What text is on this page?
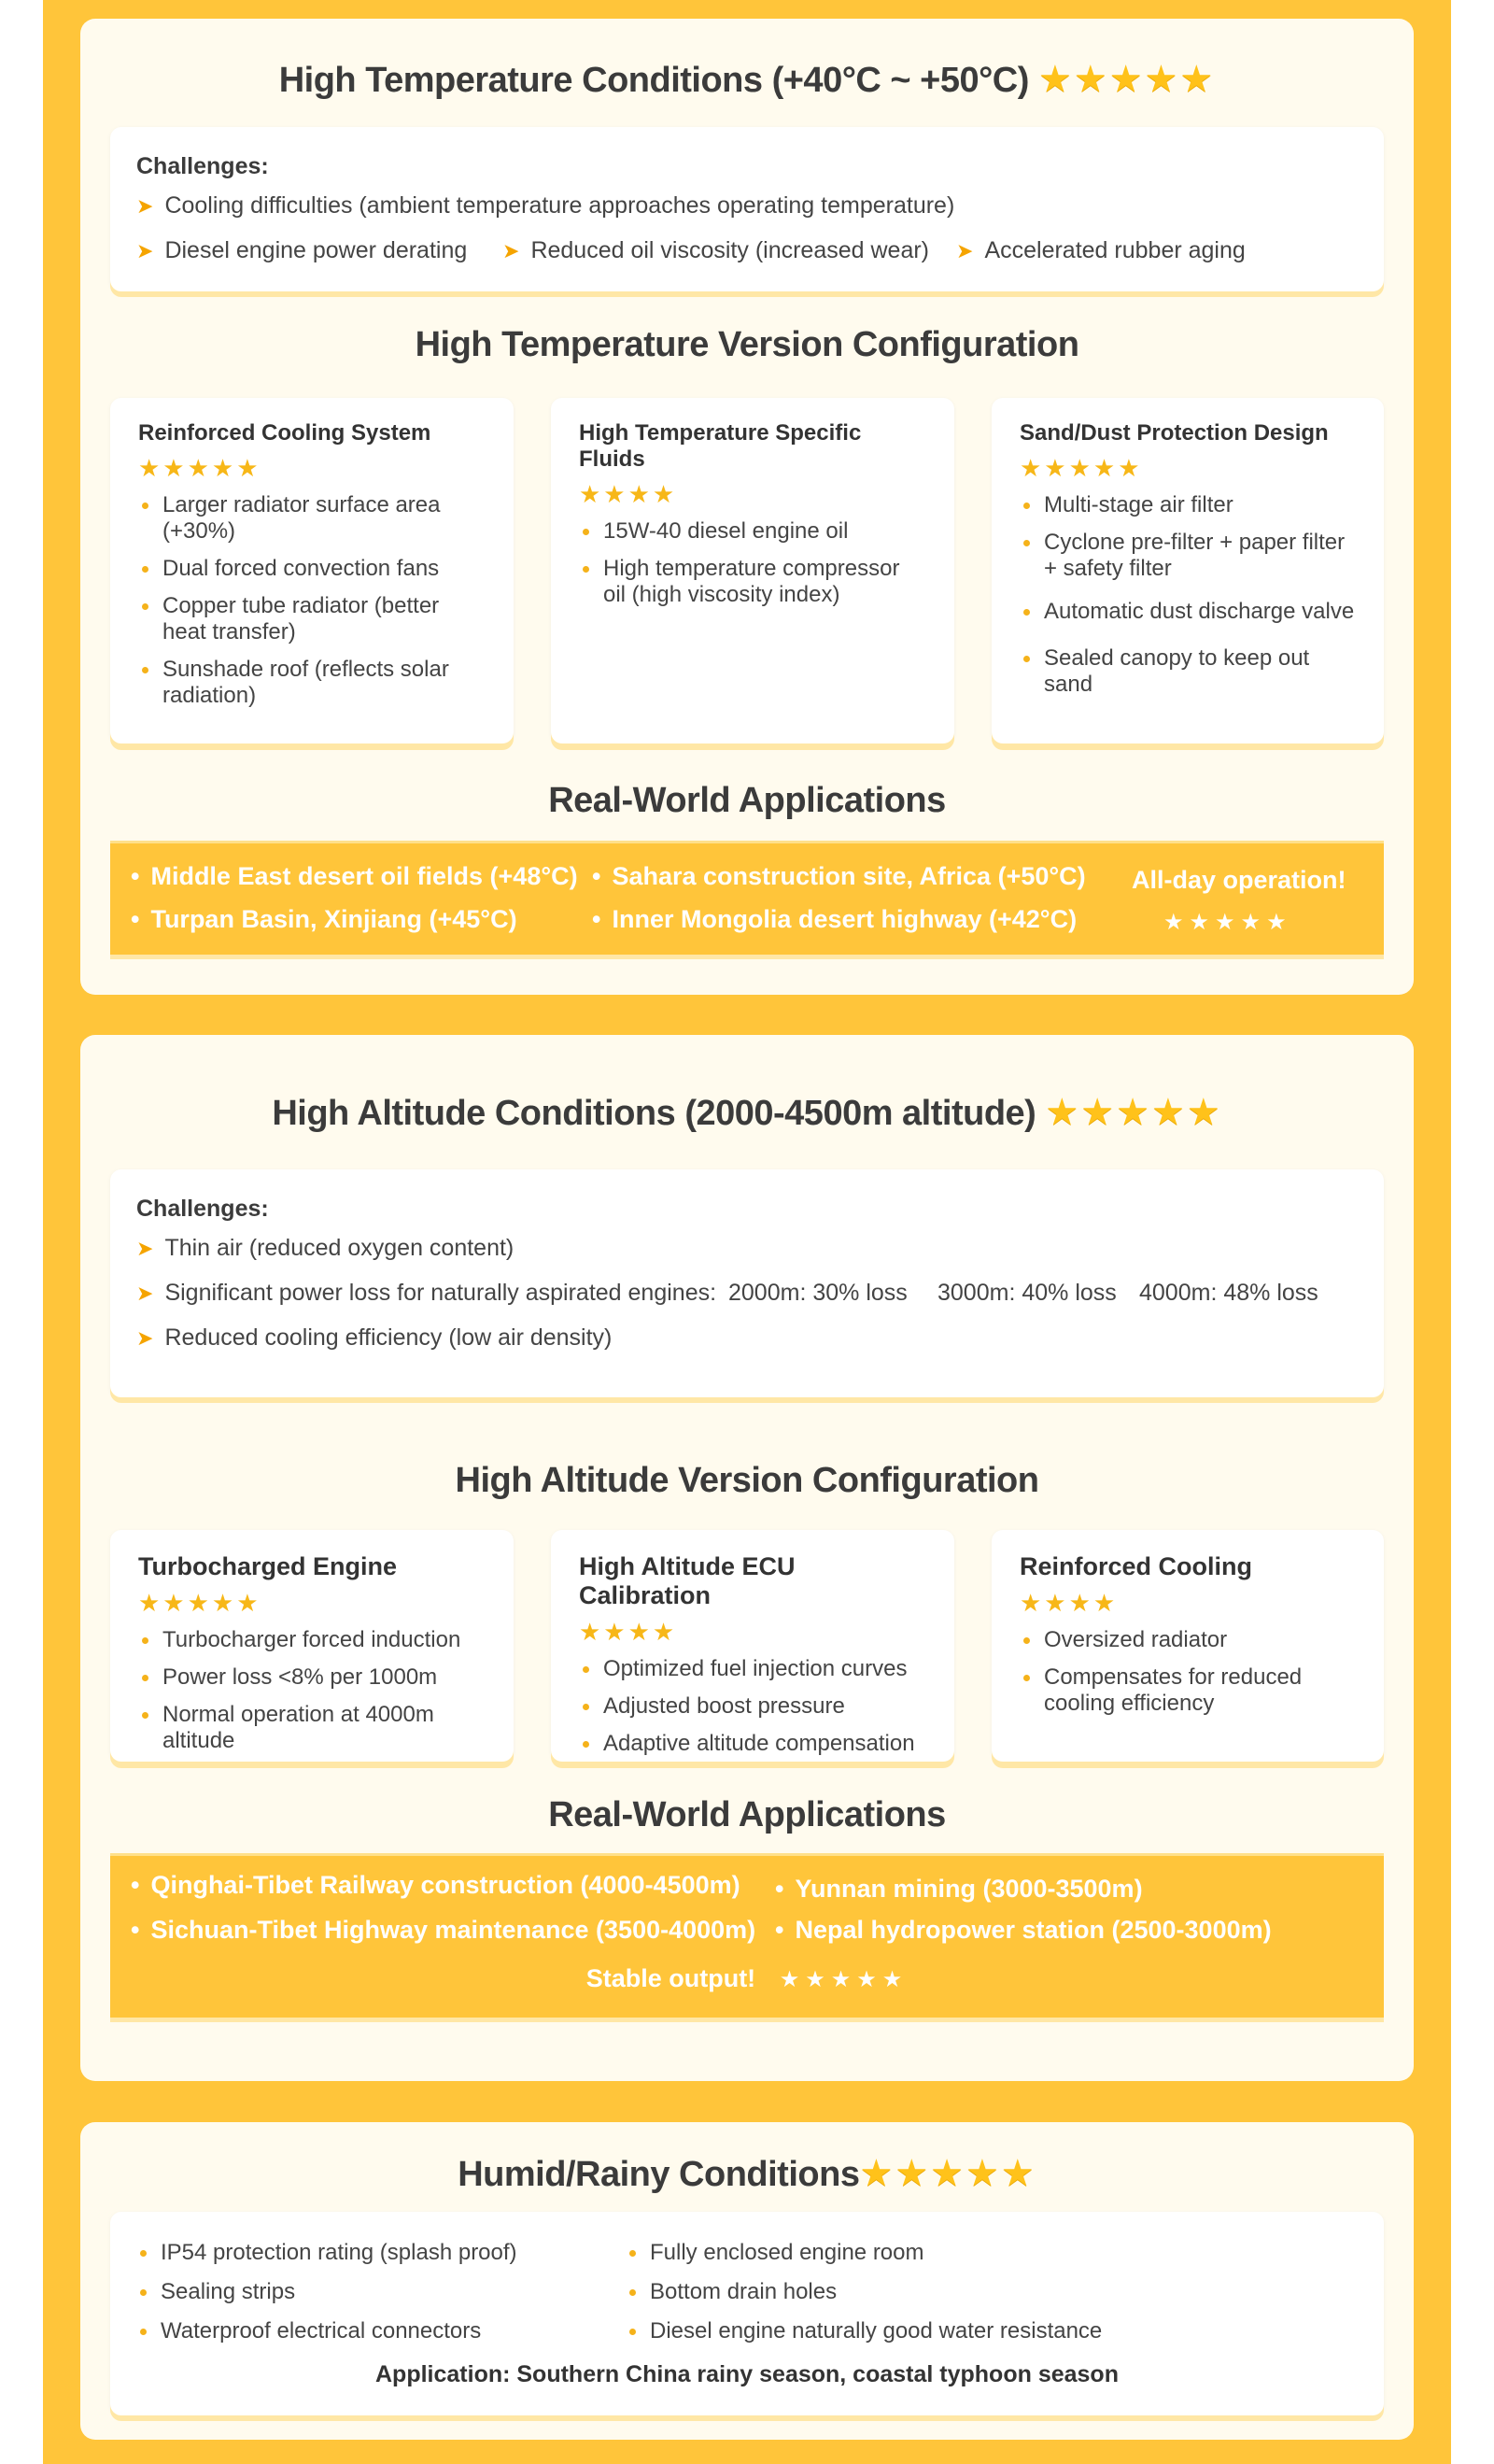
High Temperature Conditions (+40°C ~ +50°C) ★★★★★
Challenges:
➤ Cooling difficulties (ambient temperature approaches operating temperature)
➤ Diesel engine power derating ➤ Reduced oil viscosity (increased wear) ➤ Accelerated rubber aging
High Temperature Version Configuration
Reinforced Cooling System
★★★★★
Larger radiator surface area (+30%)
Dual forced convection fans
Copper tube radiator (better heat transfer)
Sunshade roof (reflects solar radiation)
High Temperature Specific Fluids
★★★★
15W-40 diesel engine oil
High temperature compressor oil (high viscosity index)
Sand/Dust Protection Design
★★★★★
Multi-stage air filter
Cyclone pre-filter + paper filter + safety filter
Automatic dust discharge valve
Sealed canopy to keep out sand
Real-World Applications
• Middle East desert oil fields (+48°C)	• Sahara construction site, Africa (+50°C)
• Turpan Basin, Xinjiang (+45°C)	• Inner Mongolia desert highway (+42°C)
All-day operation!
★★★★★
High Altitude Conditions (2000-4500m altitude) ★★★★★
Challenges:
➤ Thin air (reduced oxygen content)
➤ Significant power loss for naturally aspirated engines: 2000m: 30% loss 3000m: 40% loss 4000m: 48% loss
➤ Reduced cooling efficiency (low air density)
High Altitude Version Configuration
Turbocharged Engine
★★★★★
Turbocharger forced induction
Power loss <8% per 1000m
Normal operation at 4000m altitude
High Altitude ECU Calibration
★★★★
Optimized fuel injection curves
Adjusted boost pressure
Adaptive altitude compensation
Reinforced Cooling
★★★★
Oversized radiator
Compensates for reduced cooling efficiency
Real-World Applications
• Qinghai-Tibet Railway construction (4000-4500m)	• Yunnan mining (3000-3500m)
• Sichuan-Tibet Highway maintenance (3500-4000m)	• Nepal hydropower station (2500-3000m)
Stable output! ★★★★★
Humid/Rainy Conditions★★★★★
IP54 protection rating (splash proof)
Sealing strips
Waterproof electrical connectors
Fully enclosed engine room
Bottom drain holes
Diesel engine naturally good water resistance
Application: Southern China rainy season, coastal typhoon season
